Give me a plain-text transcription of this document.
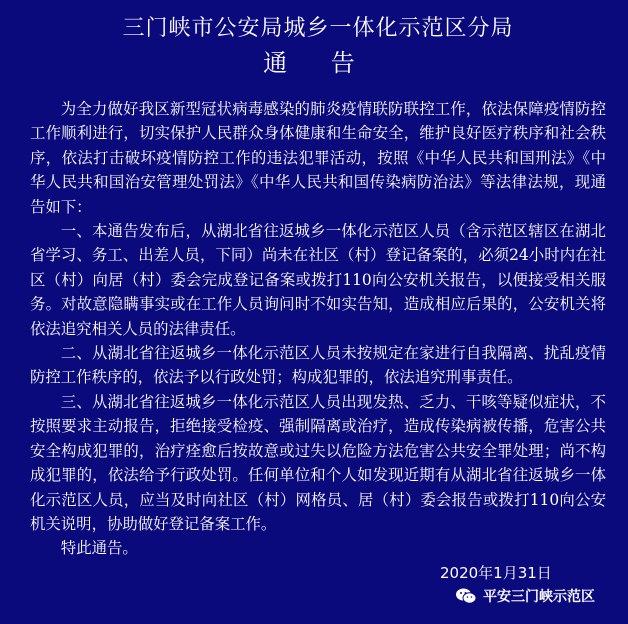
三门峡市公安局城乡一体化示范区分局
通 告

为全力做好我区新型冠状病毒感染的肺炎疫情联防联控工作，依法保障疫情防控工作顺利进行，切实保护人民群众身体健康和生命安全，维护良好医疗秩序和社会秩序，依法打击破坏疫情防控工作的违法犯罪活动，按照《中华人民共和国刑法》《中华人民共和国治安管理处罚法》《中华人民共和国传染病防治法》等法律法规，现通告如下：

一、本通告发布后，从湖北省往返城乡一体化示范区人员（含示范区辖区在湖北省学习、务工、出差人员，下同）尚未在社区（村）登记备案的，必须24小时内在社区（村）向居（村）委会完成登记备案或拨打110向公安机关报告，以便接受相关服务。对故意隐瞒事实或在工作人员询问时不如实告知，造成相应后果的，公安机关将依法追究相关人员的法律责任。

二、从湖北省往返城乡一体化示范区人员未按规定在家进行自我隔离、扰乱疫情防控工作秩序的，依法予以行政处罚；构成犯罪的，依法追究刑事责任。

三、从湖北省往返城乡一体化示范区人员出现发热、乏力、干咳等疑似症状，不按照要求主动报告，拒绝接受检疫、强制隔离或治疗，造成传染病被传播，危害公共安全构成犯罪的，治疗痊愈后按故意或过失以危险方法危害公共安全罪处理；尚不构成犯罪的，依法给予行政处罚。任何单位和个人如发现近期有从湖北省往返城乡一体化示范区人员，应当及时向社区（村）网格员、居（村）委会报告或拨打110向公安机关说明，协助做好登记备案工作。

特此通告。

2020年1月31日
平安三门峡示范区
